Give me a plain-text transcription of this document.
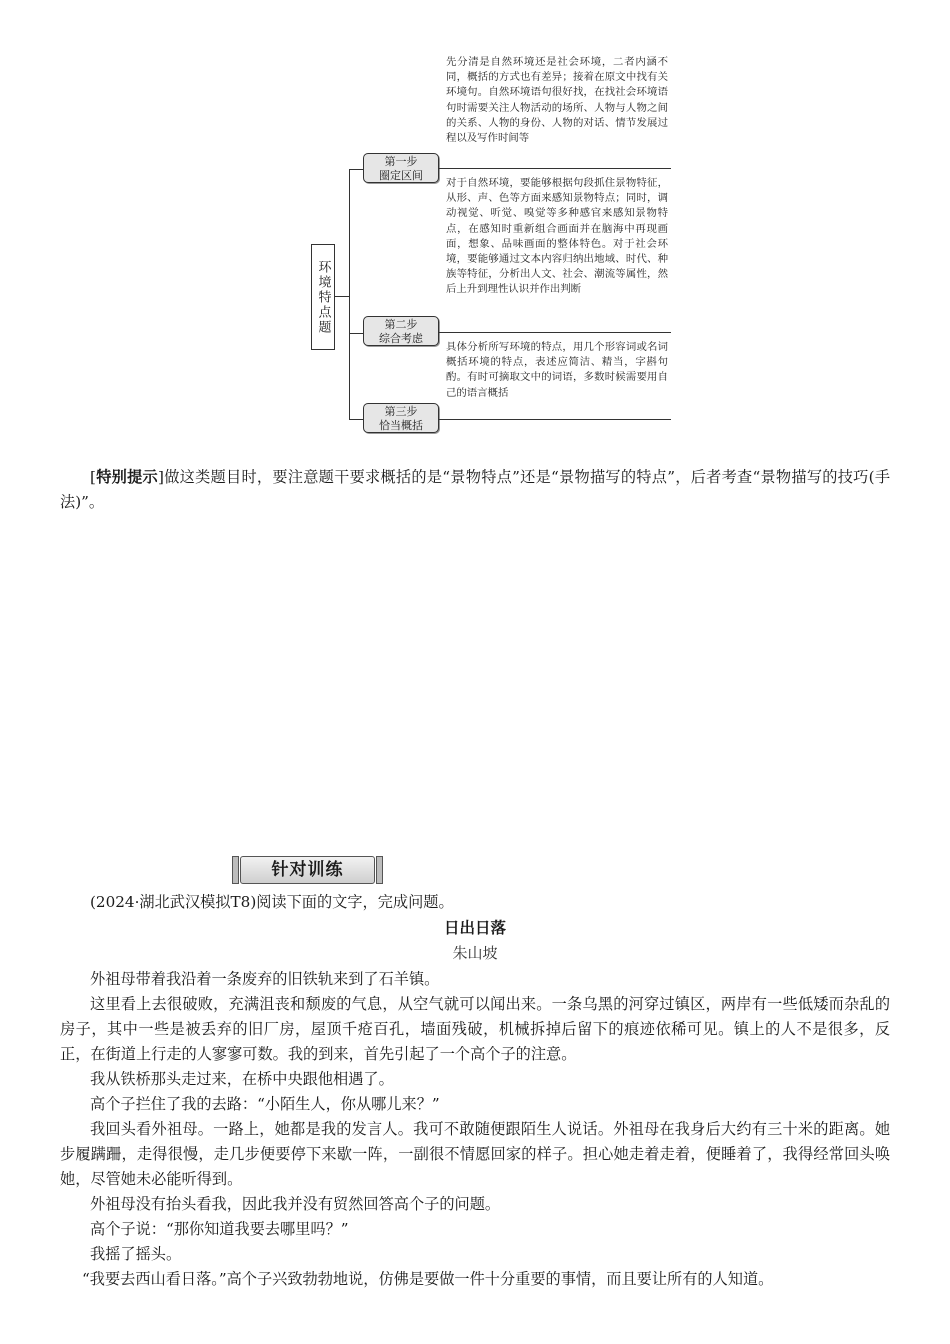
环境特点题
第一步
圈定区间
第二步
综合考虑
第三步
恰当概括
先分清是自然环境还是社会环境，二者内涵不同，概括的方式也有差异；接着在原文中找有关环境句。自然环境语句很好找，在找社会环境语句时需要关注人物活动的场所、人物与人物之间的关系、人物的身份、人物的对话、情节发展过程以及写作时间等
对于自然环境，要能够根据句段抓住景物特征，从形、声、色等方面来感知景物特点；同时，调动视觉、听觉、嗅觉等多种感官来感知景物特点，在感知时重新组合画面并在脑海中再现画面，想象、品味画面的整体特色。对于社会环境，要能够通过文本内容归纳出地域、时代、种族等特征，分析出人文、社会、潮流等属性，然后上升到理性认识并作出判断
具体分析所写环境的特点，用几个形容词或名词概括环境的特点，表述应简洁、精当，字斟句酌。有时可摘取文中的词语，多数时候需要用自己的语言概括
[特别提示]做这类题目时，要注意题干要求概括的是“景物特点”还是“景物描写的特点”，后者考查“景物描写的技巧(手法)”。
针对训练
(2024·湖北武汉模拟T8)阅读下面的文字，完成问题。
日出日落
朱山坡

外祖母带着我沿着一条废弃的旧铁轨来到了石羊镇。

这里看上去很破败，充满沮丧和颓废的气息，从空气就可以闻出来。一条乌黑的河穿过镇区，两岸有一些低矮而杂乱的房子，其中一些是被丢弃的旧厂房，屋顶千疮百孔，墙面残破，机械拆掉后留下的痕迹依稀可见。镇上的人不是很多，反正，在街道上行走的人寥寥可数。我的到来，首先引起了一个高个子的注意。

我从铁桥那头走过来，在桥中央跟他相遇了。

高个子拦住了我的去路：“小陌生人，你从哪儿来？”

我回头看外祖母。一路上，她都是我的发言人。我可不敢随便跟陌生人说话。外祖母在我身后大约有三十米的距离。她步履蹒跚，走得很慢，走几步便要停下来歇一阵，一副很不情愿回家的样子。担心她走着走着，便睡着了，我得经常回头唤她，尽管她未必能听得到。

外祖母没有抬头看我，因此我并没有贸然回答高个子的问题。

高个子说：“那你知道我要去哪里吗？”

我摇了摇头。

“我要去西山看日落。”高个子兴致勃勃地说，仿佛是要做一件十分重要的事情，而且要让所有的人知道。
